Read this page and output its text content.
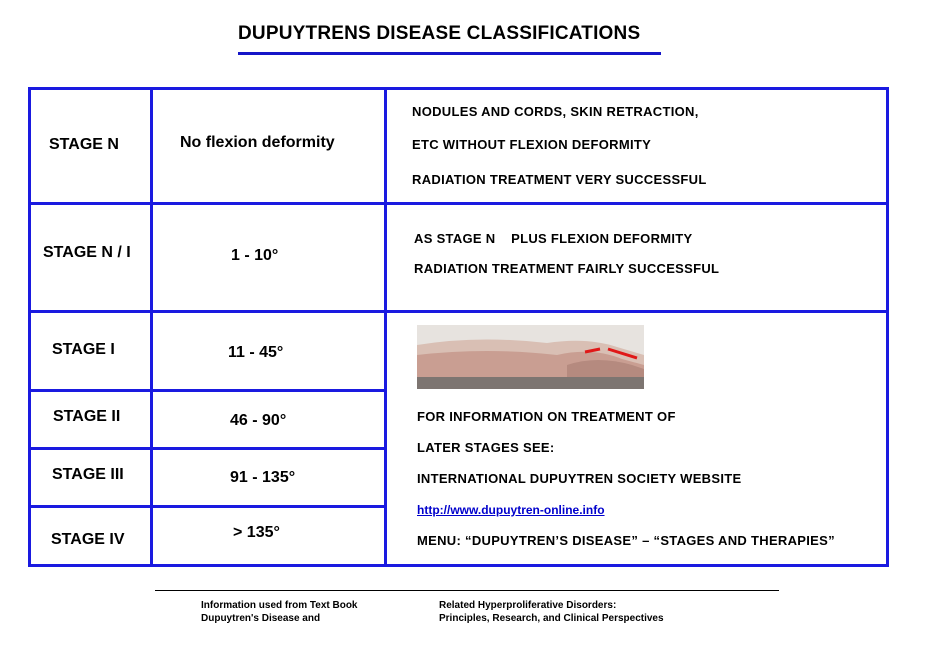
DUPUYTRENS DISEASE CLASSIFICATIONS
STAGE N
STAGE N / I
STAGE I
STAGE II
STAGE III
STAGE IV
No flexion deformity
1 - 10°
11 - 45°
46 - 90°
91 - 135°
> 135°
NODULES AND CORDS, SKIN RETRACTION,
ETC WITHOUT FLEXION DEFORMITY
RADIATION TREATMENT VERY SUCCESSFUL
AS STAGE N    PLUS FLEXION DEFORMITY
RADIATION TREATMENT FAIRLY SUCCESSFUL
FOR INFORMATION ON TREATMENT OF
LATER STAGES SEE:
INTERNATIONAL DUPUYTREN SOCIETY WEBSITE
http://www.dupuytren-online.info
MENU: “DUPUYTREN’S DISEASE” – “STAGES AND THERAPIES”
Information used from Text Book
Dupuytren's Disease and
Related Hyperproliferative Disorders:
Principles, Research, and Clinical Perspectives
